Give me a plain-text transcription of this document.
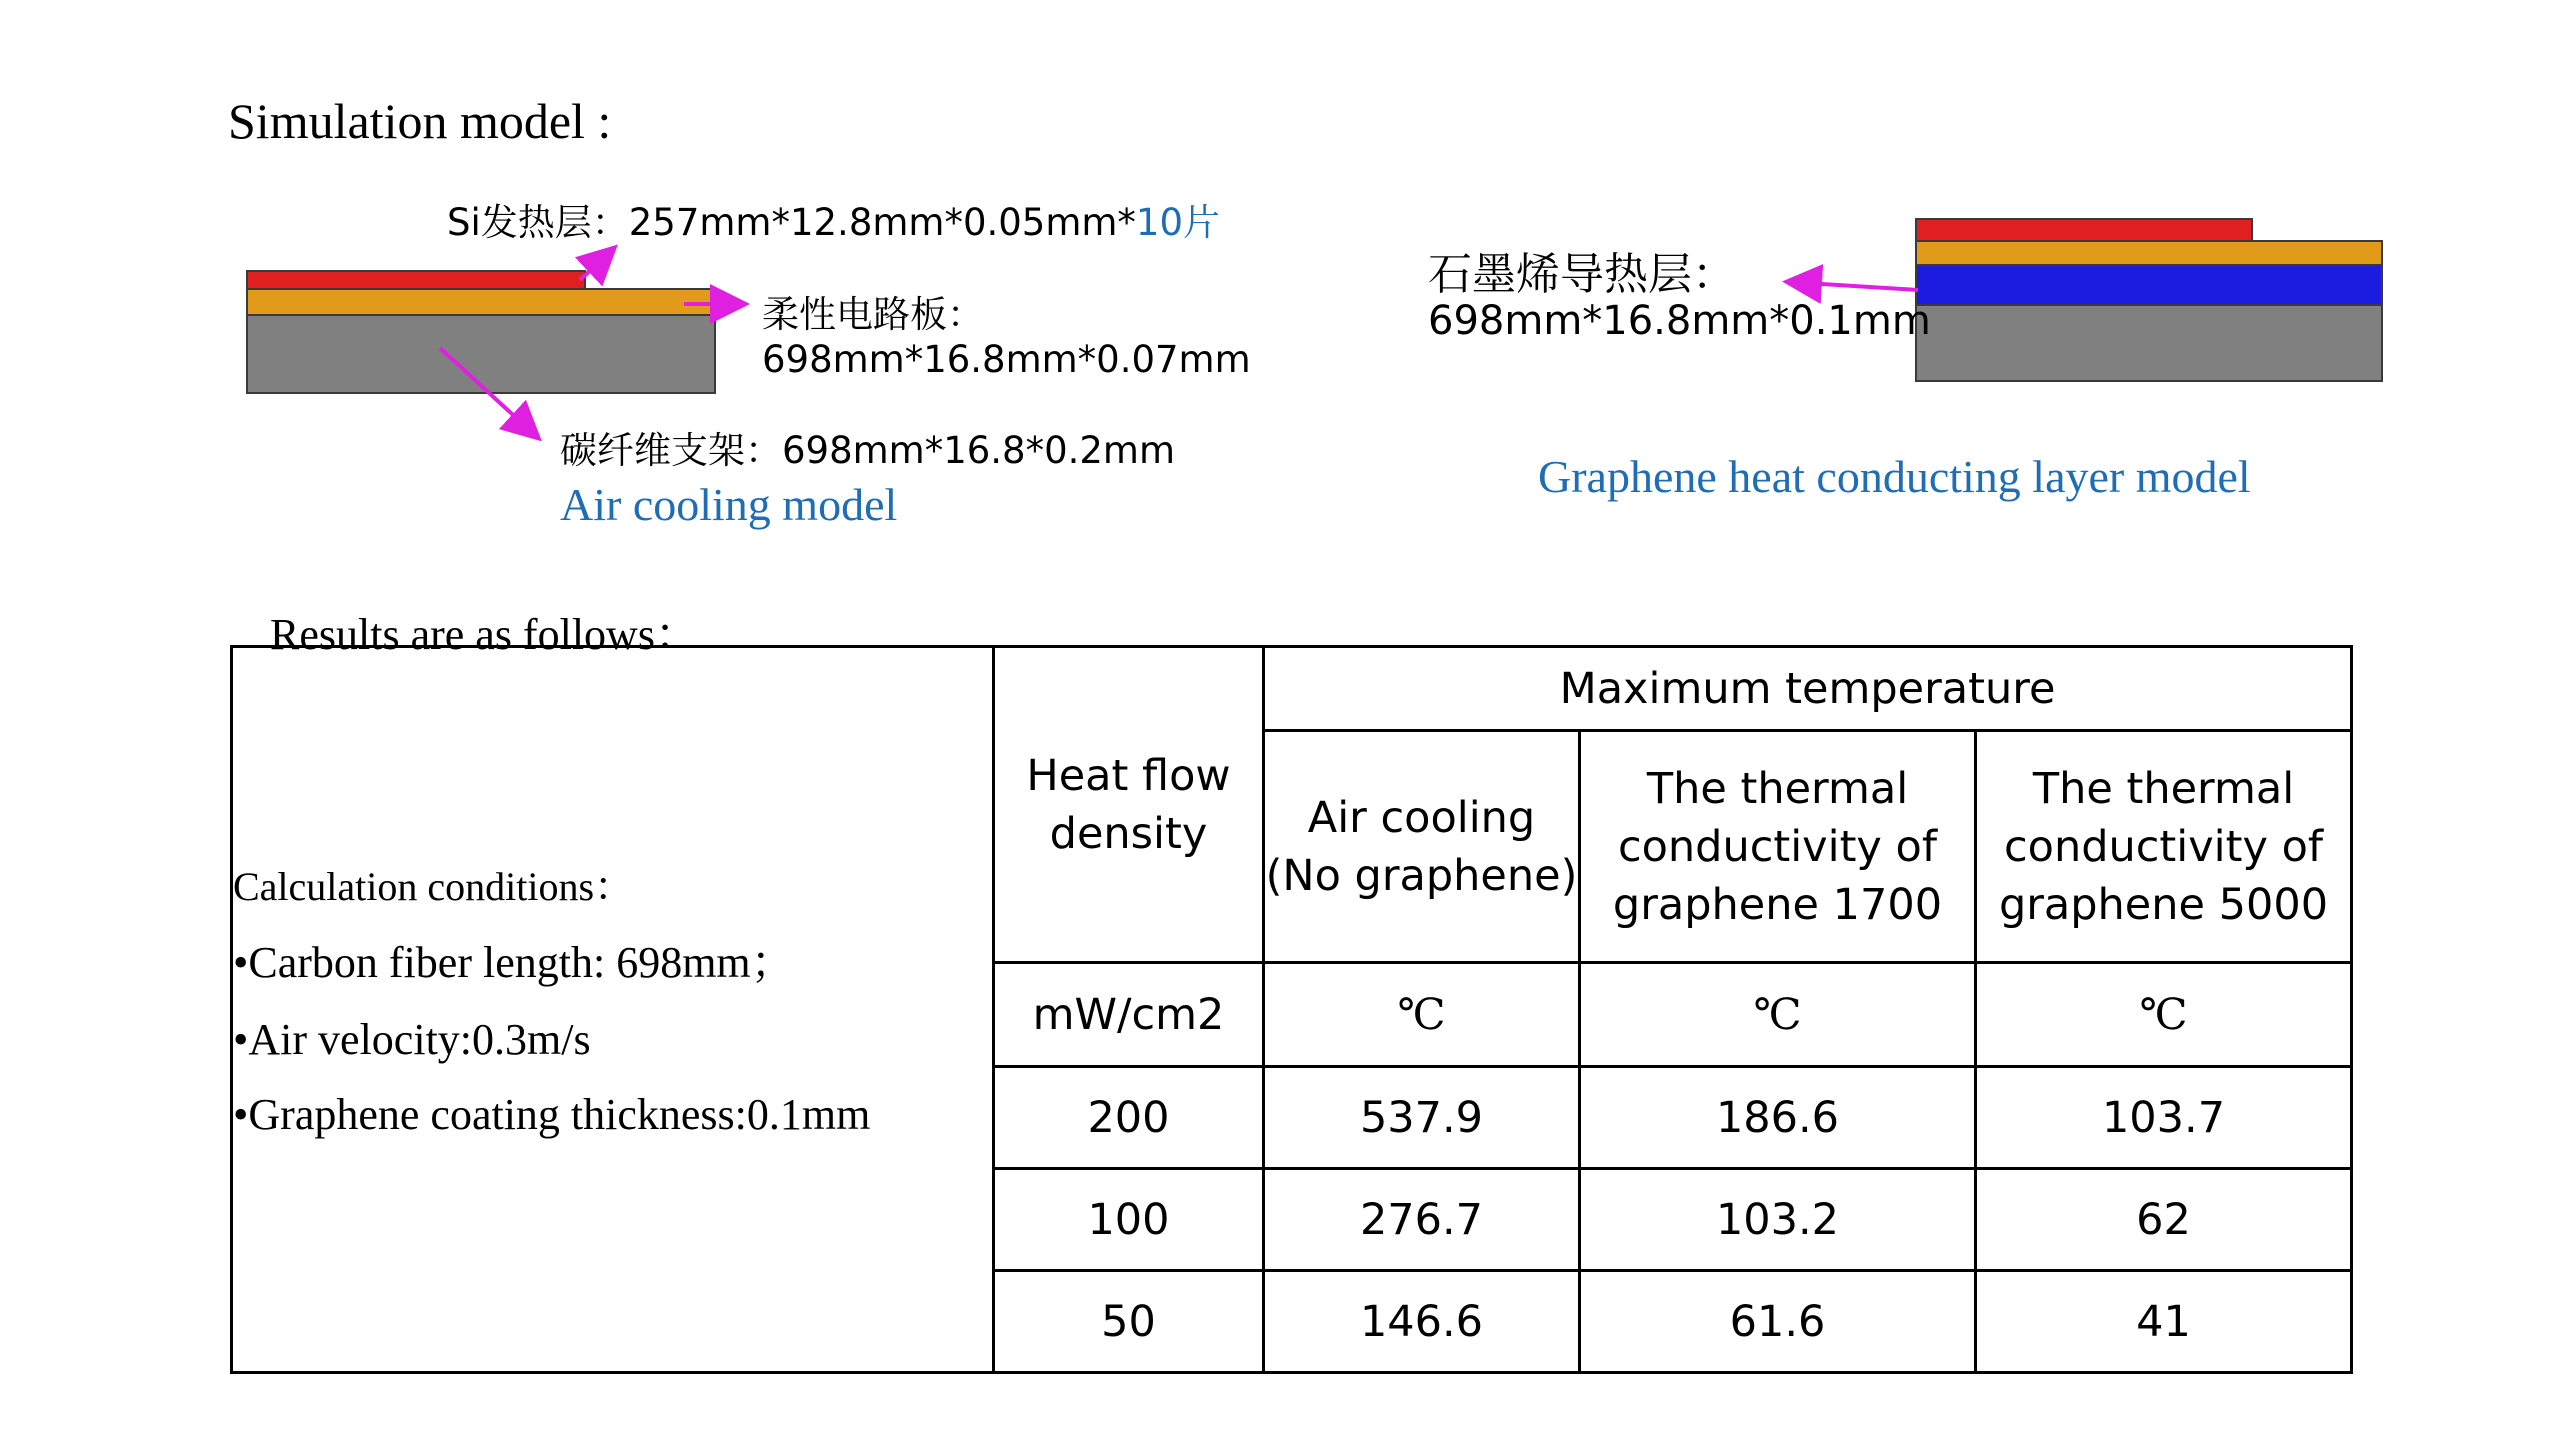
Simulation model :
Si发热层：257mm*12.8mm*0.05mm*10片
柔性电路板：
698mm*16.8mm*0.07mm
碳纤维支架：698mm*16.8*0.2mm
Air cooling model
石墨烯导热层：
698mm*16.8mm*0.1mm
Graphene heat conducting layer model
Results are as follows：
Calculation conditions：
•Carbon fiber length: 698mm；
•Air velocity:0.3m/s
•Graphene coating thickness:0.1mm	Heat flow density	Maximum temperature		
		Air cooling (No graphene)	The thermal conductivity of graphene 1700	The thermal conductivity of graphene 5000
	mW/cm2	℃	℃	℃
	200	537.9	186.6	103.7
	100	276.7	103.2	62
	50	146.6	61.6	41
